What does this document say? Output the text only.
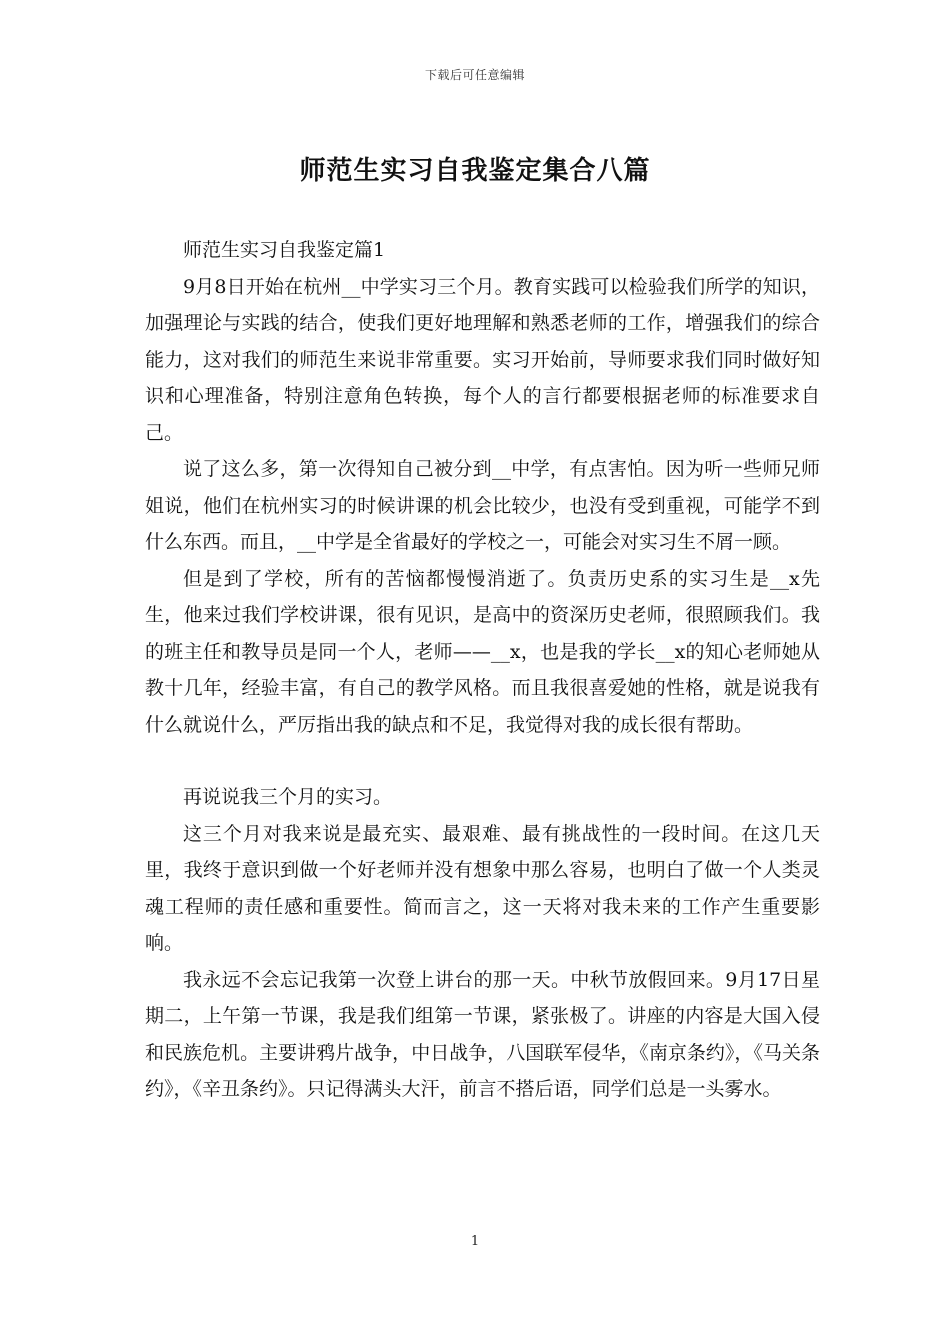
下载后可任意编辑
师范生实习自我鉴定集合八篇

师范生实习自我鉴定篇1

9月8日开始在杭州__中学实习三个月。教育实践可以检验我们所学的知识，加强理论与实践的结合，使我们更好地理解和熟悉老师的工作，增强我们的综合能力，这对我们的师范生来说非常重要。实习开始前，导师要求我们同时做好知识和心理准备，特别注意角色转换，每个人的言行都要根据老师的标准要求自己。

说了这么多，第一次得知自己被分到__中学，有点害怕。因为听一些师兄师姐说，他们在杭州实习的时候讲课的机会比较少，也没有受到重视，可能学不到什么东西。而且，__中学是全省最好的学校之一，可能会对实习生不屑一顾。

但是到了学校，所有的苦恼都慢慢消逝了。负责历史系的实习生是__x先生，他来过我们学校讲课，很有见识，是高中的资深历史老师，很照顾我们。我的班主任和教导员是同一个人，老师——__x，也是我的学长__x的知心老师她从教十几年，经验丰富，有自己的教学风格。而且我很喜爱她的性格，就是说我有什么就说什么，严厉指出我的缺点和不足，我觉得对我的成长很有帮助。

再说说我三个月的实习。

这三个月对我来说是最充实、最艰难、最有挑战性的一段时间。在这几天里，我终于意识到做一个好老师并没有想象中那么容易，也明白了做一个人类灵魂工程师的责任感和重要性。简而言之，这一天将对我未来的工作产生重要影响。

我永远不会忘记我第一次登上讲台的那一天。中秋节放假回来。9月17日星期二，上午第一节课，我是我们组第一节课，紧张极了。讲座的内容是大国入侵和民族危机。主要讲鸦片战争，中日战争，八国联军侵华，《南京条约》，《马关条约》，《辛丑条约》。只记得满头大汗，前言不搭后语，同学们总是一头雾水。

1
